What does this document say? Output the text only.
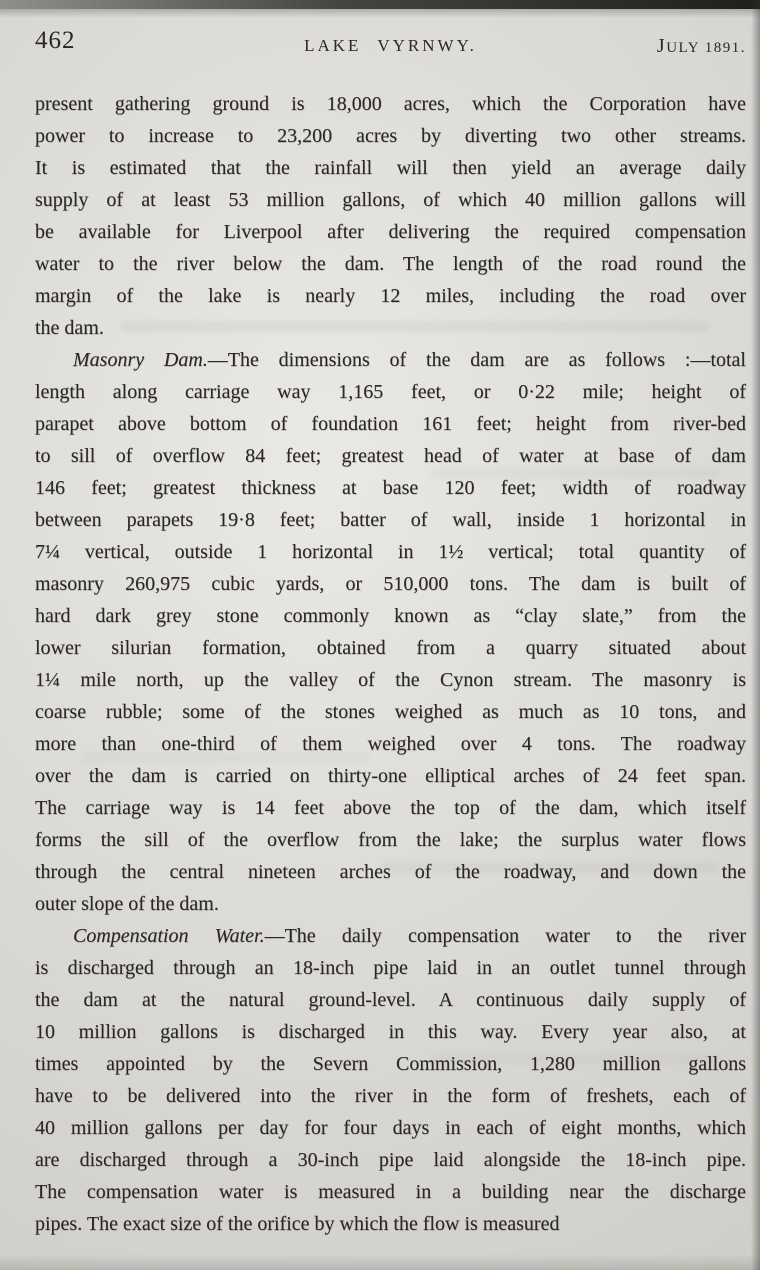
462	LAKE VYRNWY.	JULY 1891.

present gathering ground is 18,000 acres, which the Corporation have
power to increase to 23,200 acres by diverting two other streams.
It is estimated that the rainfall will then yield an average daily
supply of at least 53 million gallons, of which 40 million gallons will
be available for Liverpool after delivering the required compensation
water to the river below the dam. The length of the road round the
margin of the lake is nearly 12 miles, including the road over
the dam.

Masonry Dam.—The dimensions of the dam are as follows :—total
length along carriage way 1,165 feet, or 0·22 mile; height of
parapet above bottom of foundation 161 feet; height from river-bed
to sill of overflow 84 feet; greatest head of water at base of dam
146 feet; greatest thickness at base 120 feet; width of roadway
between parapets 19·8 feet; batter of wall, inside 1 horizontal in
7¼ vertical, outside 1 horizontal in 1½ vertical; total quantity of
masonry 260,975 cubic yards, or 510,000 tons. The dam is built of
hard dark grey stone commonly known as “clay slate,” from the
lower silurian formation, obtained from a quarry situated about
1¼ mile north, up the valley of the Cynon stream. The masonry is
coarse rubble; some of the stones weighed as much as 10 tons, and
more than one-third of them weighed over 4 tons. The roadway
over the dam is carried on thirty-one elliptical arches of 24 feet span.
The carriage way is 14 feet above the top of the dam, which itself
forms the sill of the overflow from the lake; the surplus water flows
through the central nineteen arches of the roadway, and down the
outer slope of the dam.

Compensation Water.—The daily compensation water to the river
is discharged through an 18-inch pipe laid in an outlet tunnel through
the dam at the natural ground-level. A continuous daily supply of
10 million gallons is discharged in this way. Every year also, at
times appointed by the Severn Commission, 1,280 million gallons
have to be delivered into the river in the form of freshets, each of
40 million gallons per day for four days in each of eight months, which
are discharged through a 30-inch pipe laid alongside the 18-inch pipe.
The compensation water is measured in a building near the discharge
pipes. The exact size of the orifice by which the flow is measured
